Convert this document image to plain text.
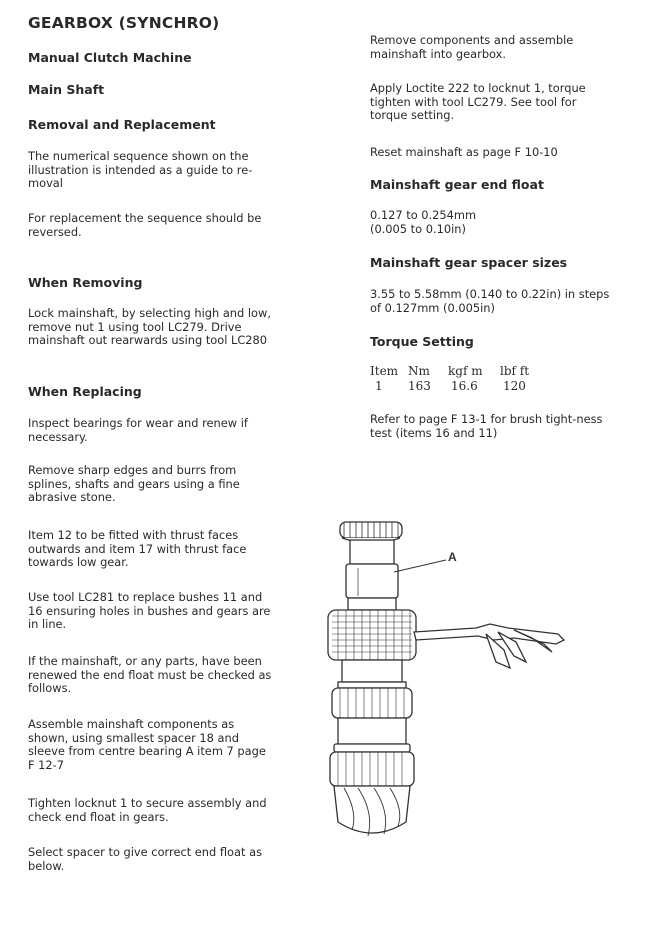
GEARBOX (SYNCHRO)
Manual Clutch Machine
Main Shaft
Removal and Replacement

The numerical sequence shown on the illustration is intended as a guide to re-moval

For replacement the sequence should be reversed.

When Removing

Lock mainshaft, by selecting high and low, remove nut 1 using tool LC279. Drive mainshaft out rearwards using tool LC280

When Replacing

Inspect bearings for wear and renew if necessary.

Remove sharp edges and burrs from splines, shafts and gears using a fine abrasive stone.

Item 12 to be fitted with thrust faces outwards and item 17 with thrust face towards low gear.

Use tool LC281 to replace bushes 11 and 16 ensuring holes in bushes and gears are in line.

If the mainshaft, or any parts, have been renewed the end float must be checked as follows.

Assemble mainshaft components as shown, using smallest spacer 18 and sleeve from centre bearing A item 7 page F 12-7

Tighten locknut 1 to secure assembly and check end float in gears.

Select spacer to give correct end float as below.

Remove components and assemble mainshaft into gearbox.

Apply Loctite 222 to locknut 1, torque tighten with tool LC279. See tool for torque setting.

Reset mainshaft as page F 10-10

Mainshaft gear end float

0.127 to 0.254mm

(0.005 to 0.10in)

Mainshaft gear spacer sizes

3.55 to 5.58mm (0.140 to 0.22in) in steps of 0.127mm (0.005in)

Torque Setting
Item Nm kgf m lbf ft
1 163 16.6 120

Refer to page F 13-1 for brush tight-ness test (items 16 and 11)

A
